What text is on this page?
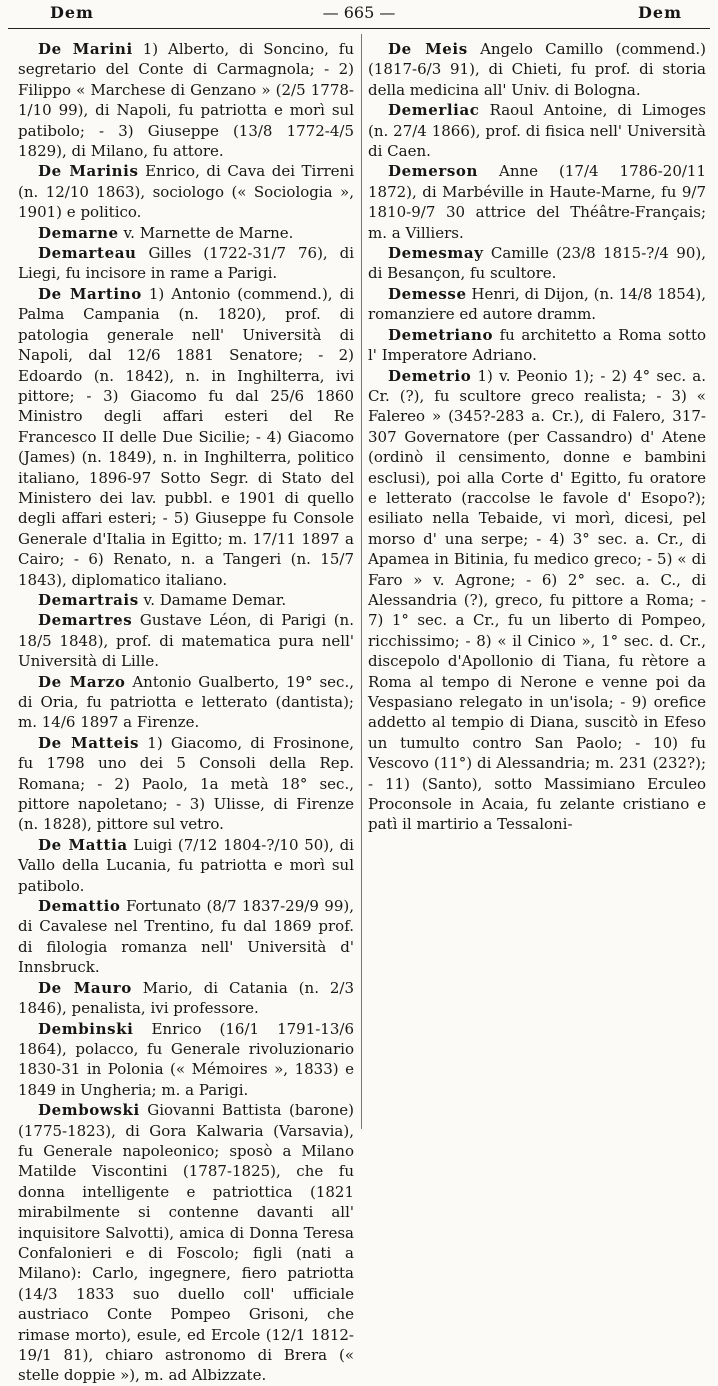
Dem	— 665 —	Dem

De Marini 1) Alberto, di Soncino, fu segretario del Conte di Carmagnola; - 2) Filippo « Marchese di Genzano » (2/5 1778-1/10 99), di Napoli, fu patriotta e morì sul patibolo; - 3) Giuseppe (13/8 1772-4/5 1829), di Milano, fu attore.

De Marinis Enrico, di Cava dei Tirreni (n. 12/10 1863), sociologo (« Sociologia », 1901) e politico.

Demarne v. Marnette de Marne.

Demarteau Gilles (1722-31/7 76), di Liegi, fu incisore in rame a Parigi.

De Martino 1) Antonio (commend.), di Palma Campania (n. 1820), prof. di patologia generale nell' Università di Napoli, dal 12/6 1881 Senatore; - 2) Edoardo (n. 1842), n. in Inghilterra, ivi pittore; - 3) Giacomo fu dal 25/6 1860 Ministro degli affari esteri del Re Francesco II delle Due Sicilie; - 4) Giacomo (James) (n. 1849), n. in Inghilterra, politico italiano, 1896-97 Sotto Segr. di Stato del Ministero dei lav. pubbl. e 1901 di quello degli affari esteri; - 5) Giuseppe fu Console Generale d'Italia in Egitto; m. 17/11 1897 a Cairo; - 6) Renato, n. a Tangeri (n. 15/7 1843), diplomatico italiano.

Demartrais v. Damame Demar.

Demartres Gustave Léon, di Parigi (n. 18/5 1848), prof. di matematica pura nell' Università di Lille.

De Marzo Antonio Gualberto, 19° sec., di Oria, fu patriotta e letterato (dantista); m. 14/6 1897 a Firenze.

De Matteis 1) Giacomo, di Frosinone, fu 1798 uno dei 5 Consoli della Rep. Romana; - 2) Paolo, 1a metà 18° sec., pittore napoletano; - 3) Ulisse, di Firenze (n. 1828), pittore sul vetro.

De Mattia Luigi (7/12 1804-?/10 50), di Vallo della Lucania, fu patriotta e morì sul patibolo.

Demattio Fortunato (8/7 1837-29/9 99), di Cavalese nel Trentino, fu dal 1869 prof. di filologia romanza nell' Università d' Innsbruck.

De Mauro Mario, di Catania (n. 2/3 1846), penalista, ivi professore.

Dembinski Enrico (16/1 1791-13/6 1864), polacco, fu Generale rivoluzionario 1830-31 in Polonia (« Mémoires », 1833) e 1849 in Ungheria; m. a Parigi.

Dembowski Giovanni Battista (barone) (1775-1823), di Gora Kalwaria (Varsavia), fu Generale napoleonico; sposò a Milano Matilde Viscontini (1787-1825), che fu donna intelligente e patriottica (1821 mirabilmente si contenne davanti all' inquisitore Salvotti), amica di Donna Teresa Confalonieri e di Foscolo; figli (nati a Milano): Carlo, ingegnere, fiero patriotta (14/3 1833 suo duello coll' ufficiale austriaco Conte Pompeo Grisoni, che rimase morto), esule, ed Ercole (12/1 1812-19/1 81), chiaro astronomo di Brera (« stelle doppie »), m. ad Albizzate.

De Meis Angelo Camillo (commend.) (1817-6/3 91), di Chieti, fu prof. di storia della medicina all' Univ. di Bologna.

Demerliac Raoul Antoine, di Limoges (n. 27/4 1866), prof. di fisica nell' Università di Caen.

Demerson Anne (17/4 1786-20/11 1872), di Marbéville in Haute-Marne, fu 9/7 1810-9/7 30 attrice del Théâtre-Français; m. a Villiers.

Demesmay Camille (23/8 1815-?/4 90), di Besançon, fu scultore.

Demesse Henri, di Dijon, (n. 14/8 1854), romanziere ed autore dramm.

Demetriano fu architetto a Roma sotto l' Imperatore Adriano.

Demetrio 1) v. Peonio 1); - 2) 4° sec. a. Cr. (?), fu scultore greco realista; - 3) « Falereo » (345?-283 a. Cr.), di Falero, 317-307 Governatore (per Cassandro) d' Atene (ordinò il censimento, donne e bambini esclusi), poi alla Corte d' Egitto, fu oratore e letterato (raccolse le favole d' Esopo?); esiliato nella Tebaide, vi morì, dicesi, pel morso d' una serpe; - 4) 3° sec. a. Cr., di Apamea in Bitinia, fu medico greco; - 5) « di Faro » v. Agrone; - 6) 2° sec. a. C., di Alessandria (?), greco, fu pittore a Roma; - 7) 1° sec. a Cr., fu un liberto di Pompeo, ricchissimo; - 8) « il Cinico », 1° sec. d. Cr., discepolo d'Apollonio di Tiana, fu rètore a Roma al tempo di Nerone e venne poi da Vespasiano relegato in un'isola; - 9) orefice addetto al tempio di Diana, suscitò in Efeso un tumulto contro San Paolo; - 10) fu Vescovo (11°) di Alessandria; m. 231 (232?); - 11) (Santo), sotto Massimiano Erculeo Proconsole in Acaia, fu zelante cristiano e patì il martirio a Tessaloni-
